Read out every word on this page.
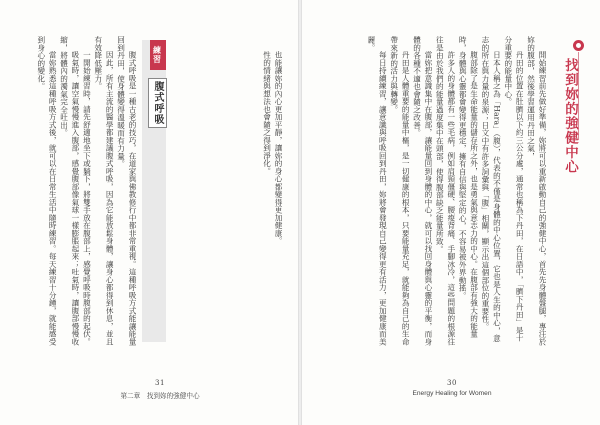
也能讓妳的內心更加平靜，讓妳的身心都變得更加健康。

性的情緒與想法也會隨之得到淨化。

練習
腹式呼吸

腹式呼吸是一種古老的技巧，在道家與佛教修行中都非常重視。這種呼吸方式能讓能量回到丹田，使身體變得溫暖而有力量。

因此，所有主流的醫學都建議腹式呼吸，因為它能放鬆身體，讓身心都得到休息，並且有效降低壓力。

一開始練習時，請先舒適地坐下或躺下，將雙手放在腹部上，感覺呼吸時腹部的起伏。

吸氣時，讓空氣慢慢進入腹部，感覺腹部像氣球一樣膨脹起來；吐氣時，讓腹部慢慢收縮，將體內的濁氣完全吐出。

當妳熟悉這種呼吸方式後，就可以在日常生活中隨時練習。每天練習十分鐘，就能感受到身心的變化。

31
第二章　找到妳的強健中心

開始練習前先做好準備，妳將可以重新啟動自己的強健中心，首先先身體盤腿，專注於妳的腹部，然後學習運用丹田之氣，

丹田的位置在肚臍以下約三公分處，通常也稱為下丹田，在日語中，「臍下丹田」是十分重要的能量中心。

日本人稱之為「Hara」（腹），代表的不僅是身體的中心位置，它也是人生的中心，意志的所在與力量的泉源；日文中有許多詞彙與「腹」相關，顯示出這個部位的重要性。

腹部除了是生命能量的儲存所之外，也是勇氣與意志力的中心。在腹部有強大的能量時，身體與心靈都會變得更穩定，擁有自信與堅定的心，不容易被外界動搖。

許多人的身體都有一些毛病，例如肩頸僵硬、腰痠背痛、手腳冰冷，這些問題的根源往往是由於我們的能量過度集中在頭部，使得腹部缺乏能量所致。

當妳把意識集中在腹部，讓能量回到身體的中心，就可以找回身體與心靈的平衡，而身體的各種不適也會隨之改善。

丹田是人體重要的能量中樞，是一切健康的根本，只要能量充足，就能夠為自己的生命帶來新的活力與轉變。

每日持續練習，讓意識與呼吸回到丹田，妳將會發現自己變得更有活力，更加健康而美麗。

30
Energy Healing for Women
找到妳的強健中心
